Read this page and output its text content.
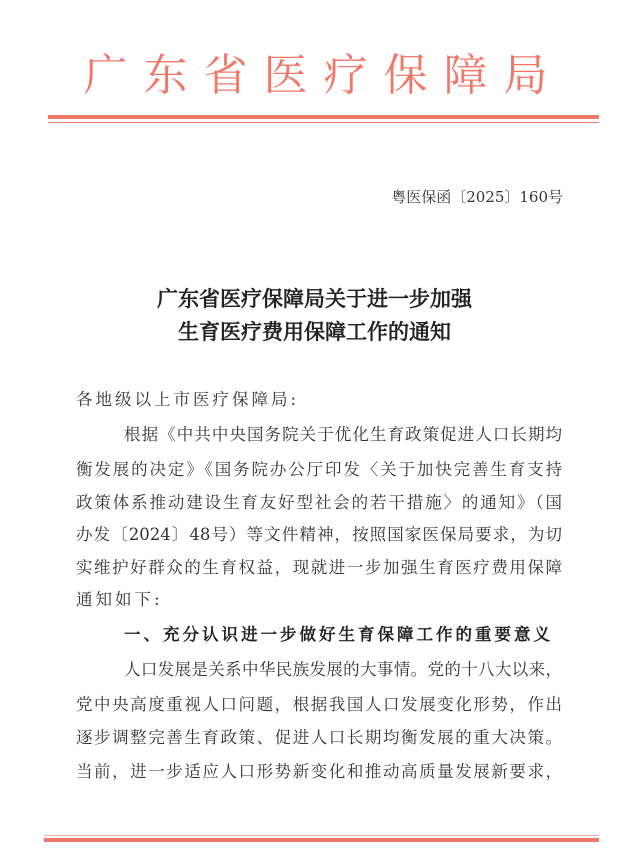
广东省医疗保障局
粤医保函〔2025〕160号
广东省医疗保障局关于进一步加强
生育医疗费用保障工作的通知
各地级以上市医疗保障局:
根据《中共中央国务院关于优化生育政策促进人口长期均
衡发展的决定》《国务院办公厅印发〈关于加快完善生育支持
政策体系推动建设生育友好型社会的若干措施〉的通知》（国
办发〔2024〕48号）等文件精神，按照国家医保局要求，为切
实维护好群众的生育权益，现就进一步加强生育医疗费用保障
通知如下:
一、充分认识进一步做好生育保障工作的重要意义
人口发展是关系中华民族发展的大事情。党的十八大以来，
党中央高度重视人口问题，根据我国人口发展变化形势，作出
逐步调整完善生育政策、促进人口长期均衡发展的重大决策。
当前，进一步适应人口形势新变化和推动高质量发展新要求，
